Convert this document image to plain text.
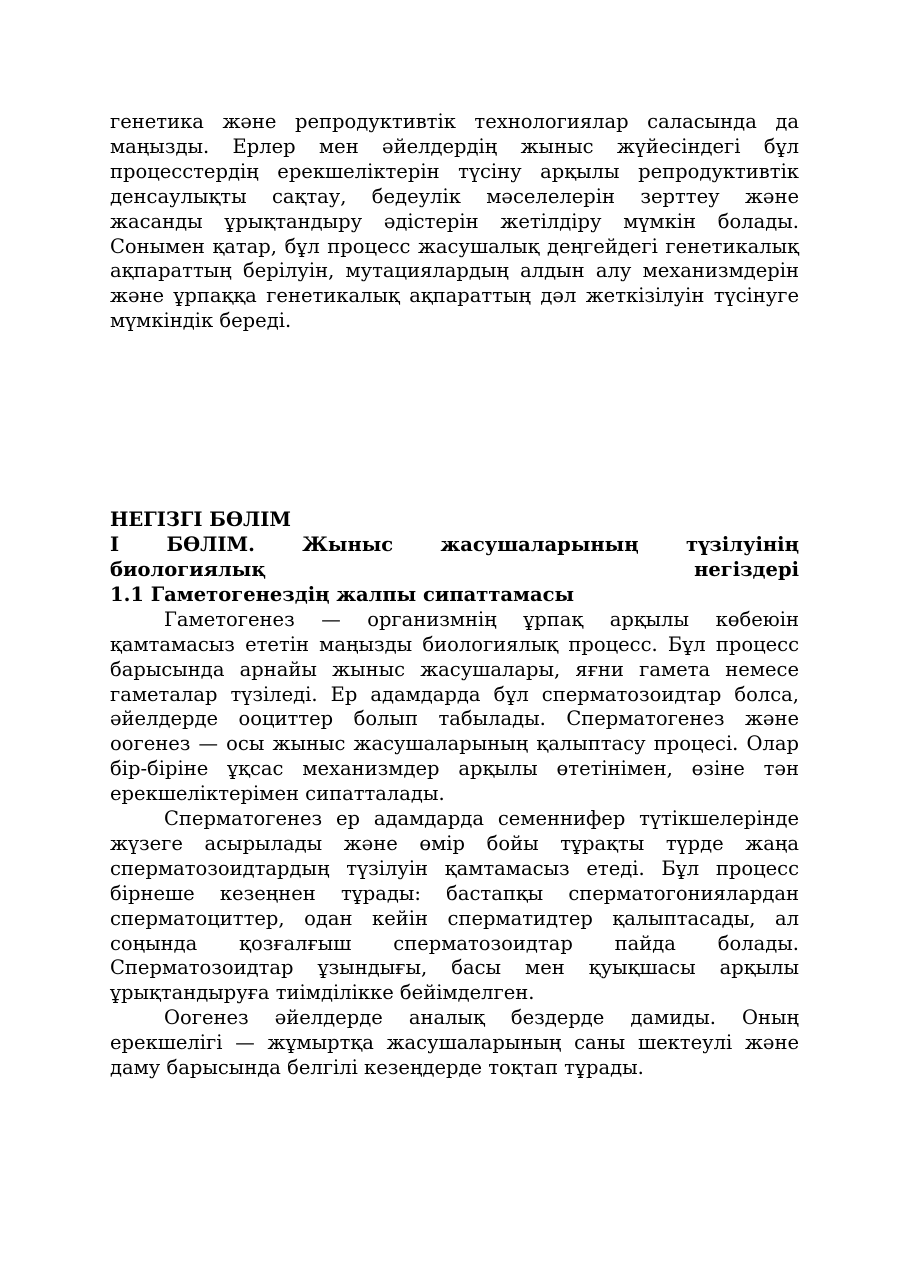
генетика және репродуктивтік технологиялар саласында да маңызды. Ерлер мен әйелдердің жыныс жүйесіндегі бұл процесстердің ерекшеліктерін түсіну арқылы репродуктивтік денсаулықты сақтау, бедеулік мәселелерін зерттеу және жасанды ұрықтандыру әдістерін жетілдіру мүмкін болады. Сонымен қатар, бұл процесс жасушалық деңгейдегі генетикалық ақпараттың берілуін, мутациялардың алдын алу механизмдерін және ұрпаққа генетикалық ақпараттың дәл жеткізілуін түсінуге мүмкіндік береді.

НЕГІЗГІ БӨЛІМ

І БӨЛІМ. Жыныс жасушаларының түзілуінің биологиялық негіздері

1.1 Гаметогенездің жалпы сипаттамасы

Гаметогенез — организмнің ұрпақ арқылы көбеюін қамтамасыз ететін маңызды биологиялық процесс. Бұл процесс барысында арнайы жыныс жасушалары, яғни гамета немесе гаметалар түзіледі. Ер адамдарда бұл сперматозоидтар болса, әйелдерде ооциттер болып табылады. Сперматогенез және оогенез — осы жыныс жасушаларының қалыптасу процесі. Олар бір-біріне ұқсас механизмдер арқылы өтетінімен, өзіне тән ерекшеліктерімен сипатталады.

Сперматогенез ер адамдарда семеннифер түтікшелерінде жүзеге асырылады және өмір бойы тұрақты түрде жаңа сперматозоидтардың түзілуін қамтамасыз етеді. Бұл процесс бірнеше кезеңнен тұрады: бастапқы сперматогониялардан сперматоциттер, одан кейін сперматидтер қалыптасады, ал соңында қозғалғыш сперматозоидтар пайда болады. Сперматозоидтар ұзындығы, басы мен қуықшасы арқылы ұрықтандыруға тиімділікке бейімделген.

Оогенез әйелдерде аналық бездерде дамиды. Оның ерекшелігі — жұмыртқа жасушаларының саны шектеулі және даму барысында белгілі кезеңдерде тоқтап тұрады.
